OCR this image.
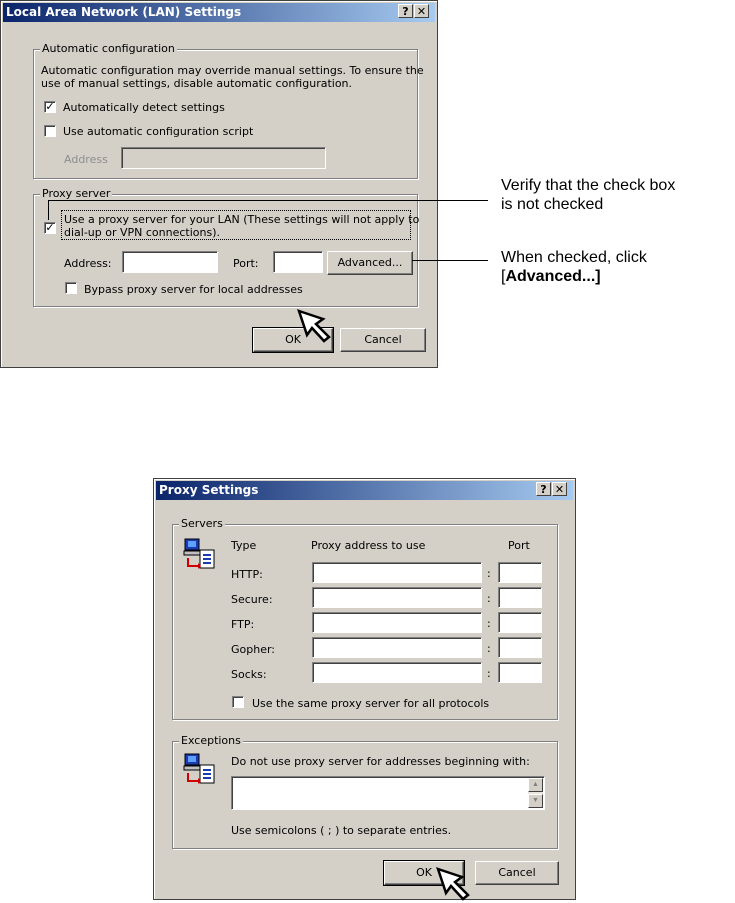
Local Area Network (LAN) Settings	? ✕
Automatic configuration
Automatic configuration may override manual settings. To ensure the
use of manual settings, disable automatic configuration.
✓ Automatically detect settings
Use automatic configuration script
Address
Proxy server
✓
Use a proxy server for your LAN (These settings will not apply to
dial-up or VPN connections).
Address:	Port:	Advanced...
Bypass proxy server for local addresses
OK	Cancel
Verify that the check box
is not checked
When checked, click
[Advanced...]
Proxy Settings	? ✕
Servers
Type	Proxy address to use	Port
HTTP:	:
Secure:	:
FTP:	:
Gopher:	:
Socks:	:
Use the same proxy server for all protocols
Exceptions
Do not use proxy server for addresses beginning with:
▲
▼
Use semicolons ( ; ) to separate entries.
OK	Cancel
